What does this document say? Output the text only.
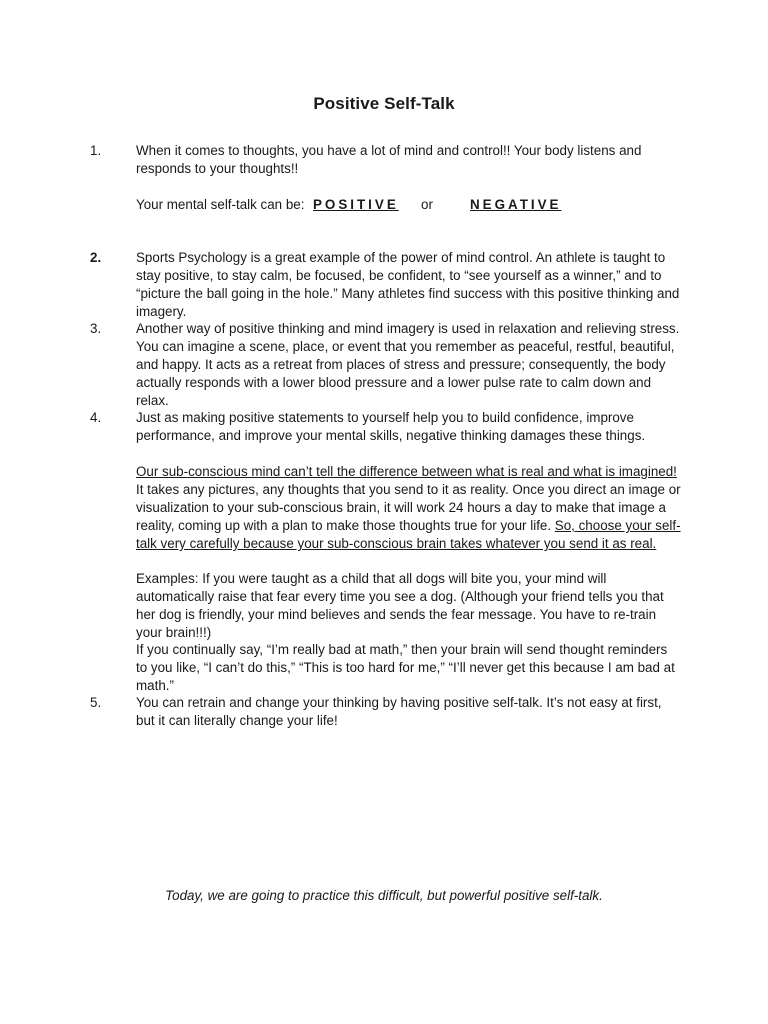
Positive Self-Talk
1.	When it comes to thoughts, you have a lot of mind and control!! Your body listens and responds to your thoughts!!
Your mental self-talk can be: POSITIVE or	NEGATIVE
2.	Sports Psychology is a great example of the power of mind control. An athlete is taught to stay positive, to stay calm, be focused, be confident, to “see yourself as a winner,” and to “picture the ball going in the hole.” Many athletes find success with this positive thinking and imagery.
3.	Another way of positive thinking and mind imagery is used in relaxation and relieving stress. You can imagine a scene, place, or event that you remember as peaceful, restful, beautiful, and happy. It acts as a retreat from places of stress and pressure; consequently, the body actually responds with a lower blood pressure and a lower pulse rate to calm down and relax.
4.	Just as making positive statements to yourself help you to build confidence, improve performance, and improve your mental skills, negative thinking damages these things.
Our sub-conscious mind can’t tell the difference between what is real and what is imagined! It takes any pictures, any thoughts that you send to it as reality. Once you direct an image or visualization to your sub-conscious brain, it will work 24 hours a day to make that image a reality, coming up with a plan to make those thoughts true for your life. So, choose your self-talk very carefully because your sub-conscious brain takes whatever you send it as real.
Examples: If you were taught as a child that all dogs will bite you, your mind will automatically raise that fear every time you see a dog. (Although your friend tells you that her dog is friendly, your mind believes and sends the fear message. You have to re-train your brain!!!)
If you continually say, “I’m really bad at math,” then your brain will send thought reminders to you like, “I can’t do this,” “This is too hard for me,” “I’ll never get this because I am bad at math.”
5.	You can retrain and change your thinking by having positive self-talk. It’s not easy at first, but it can literally change your life!
Today, we are going to practice this difficult, but powerful positive self-talk.
